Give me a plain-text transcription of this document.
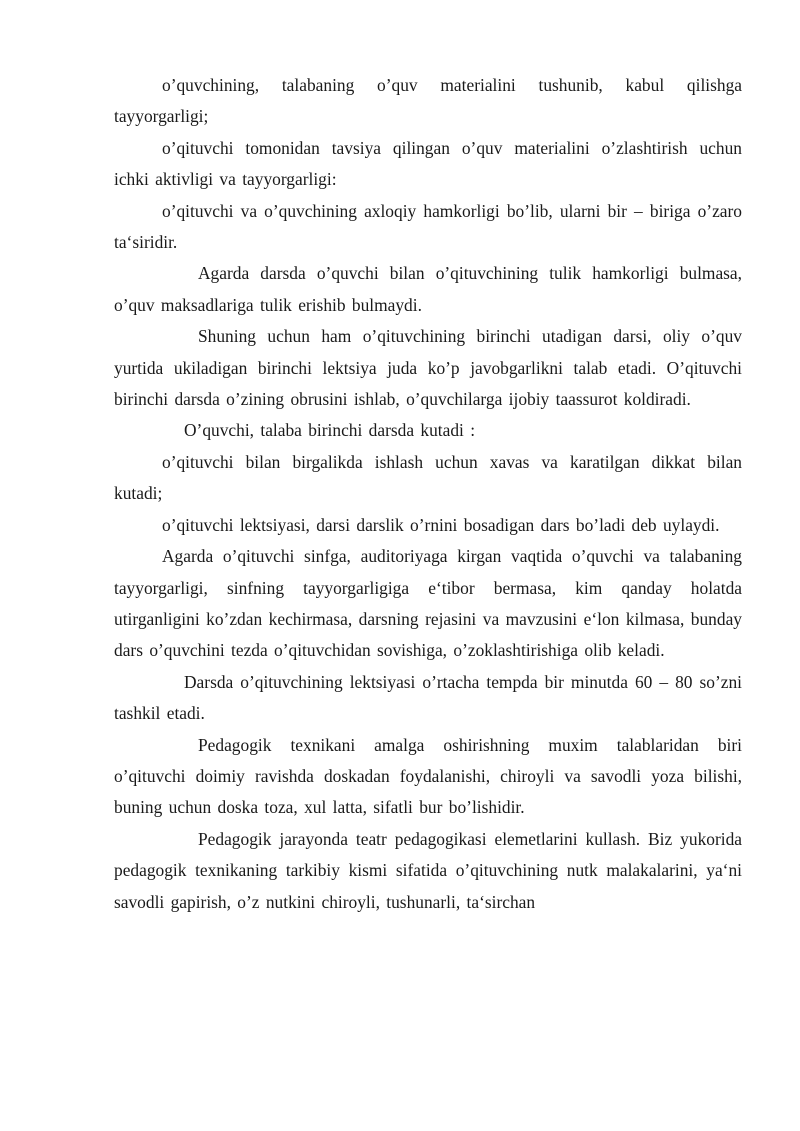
o’quvchining, talabaning o’quv materialini tushunib, kabul qilishga tayyorgarligi;

o’qituvchi tomonidan tavsiya qilingan o’quv materialini o’zlashtirish uchun ichki aktivligi va tayyorgarligi:

o’qituvchi va o’quvchining axloqiy hamkorligi bo’lib, ularni bir – biriga o’zaro ta‘siridir.

Agarda darsda o’quvchi bilan o’qituvchining tulik hamkorligi bulmasa, o’quv maksadlariga tulik erishib bulmaydi.

Shuning uchun ham o’qituvchining birinchi utadigan darsi, oliy o’quv yurtida ukiladigan birinchi lektsiya juda ko’p javobgarlikni talab etadi. O’qituvchi birinchi darsda o’zining obrusini ishlab, o’quvchilarga ijobiy taassurot koldiradi.

O’quvchi, talaba birinchi darsda kutadi :

o’qituvchi bilan birgalikda ishlash uchun xavas va karatilgan dikkat bilan kutadi;

o’qituvchi lektsiyasi, darsi darslik o’rnini bosadigan dars bo’ladi deb uylaydi.

Agarda o’qituvchi sinfga, auditoriyaga kirgan vaqtida o’quvchi va talabaning tayyorgarligi, sinfning tayyorgarligiga e‘tibor bermasa, kim qanday holatda utirganligini ko’zdan kechirmasa, darsning rejasini va mavzusini e‘lon kilmasa, bunday dars o’quvchini tezda o’qituvchidan sovishiga, o’zoklashtirishiga olib keladi.

Darsda o’qituvchining lektsiyasi o’rtacha tempda bir minutda 60 – 80 so’zni tashkil etadi.

Pedagogik texnikani amalga oshirishning muxim talablaridan biri o’qituvchi doimiy ravishda doskadan foydalanishi, chiroyli va savodli yoza bilishi, buning uchun doska toza, xul latta, sifatli bur bo’lishidir.

Pedagogik jarayonda teatr pedagogikasi elemetlarini kullash. Biz yukorida pedagogik texnikaning tarkibiy kismi sifatida o’qituvchining nutk malakalarini, ya‘ni savodli gapirish, o’z nutkini chiroyli, tushunarli, ta‘sirchan
